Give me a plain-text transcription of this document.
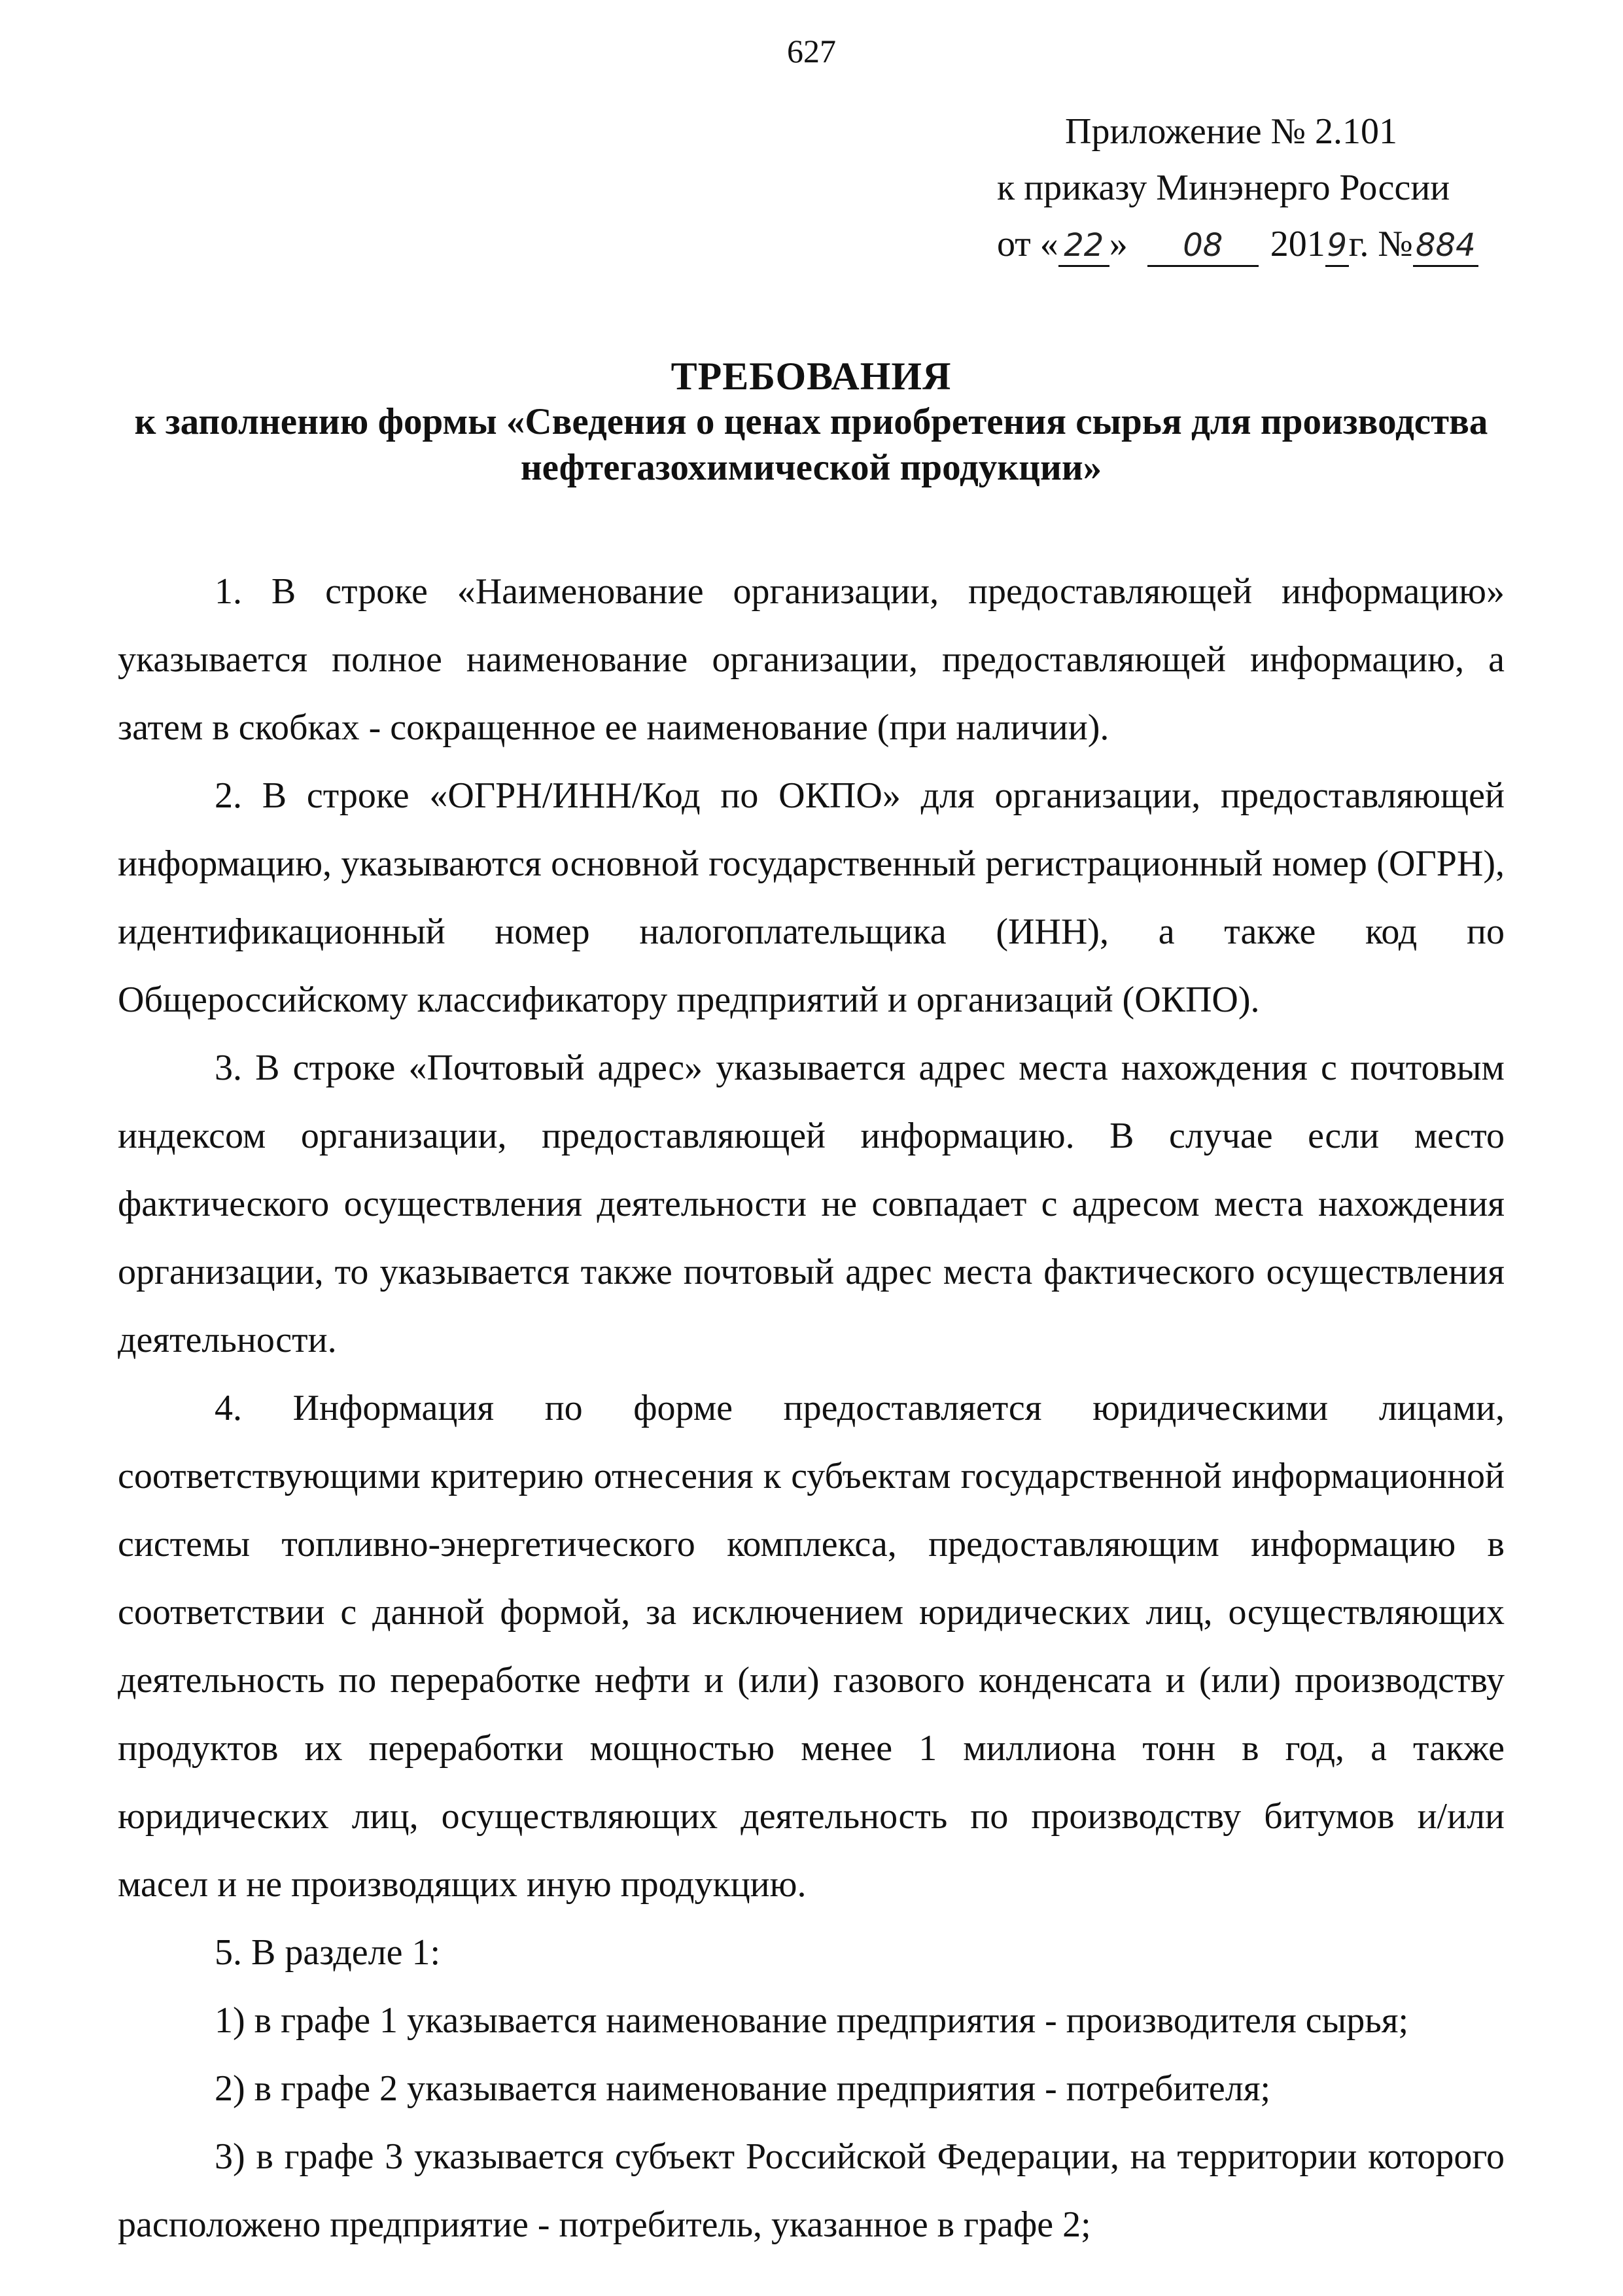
627
Приложение № 2.101
к приказу Минэнерго России
от « 22 » 08 2019г. №884
ТРЕБОВАНИЯ
к заполнению формы «Сведения о ценах приобретения сырья для производства
нефтегазохимической продукции»

1. В строке «Наименование организации, предоставляющей информацию» указывается полное наименование организации, предоставляющей информацию, а затем в скобках - сокращенное ее наименование (при наличии).

2. В строке «ОГРН/ИНН/Код по ОКПО» для организации, предоставляющей информацию, указываются основной государственный регистрационный номер (ОГРН), идентификационный номер налогоплательщика (ИНН), а также код по Общероссийскому классификатору предприятий и организаций (ОКПО).

3. В строке «Почтовый адрес» указывается адрес места нахождения с почтовым индексом организации, предоставляющей информацию. В случае если место фактического осуществления деятельности не совпадает с адресом места нахождения организации, то указывается также почтовый адрес места фактического осуществления деятельности.

4. Информация по форме предоставляется юридическими лицами, соответствующими критерию отнесения к субъектам государственной информационной системы топливно-энергетического комплекса, предоставляющим информацию в соответствии с данной формой, за исключением юридических лиц, осуществляющих деятельность по переработке нефти и (или) газового конденсата и (или) производству продуктов их переработки мощностью менее 1 миллиона тонн в год, а также юридических лиц, осуществляющих деятельность по производству битумов и/или масел и не производящих иную продукцию.

5. В разделе 1:

1) в графе 1 указывается наименование предприятия - производителя сырья;

2) в графе 2 указывается наименование предприятия - потребителя;

3) в графе 3 указывается субъект Российской Федерации, на территории которого расположено предприятие - потребитель, указанное в графе 2;
